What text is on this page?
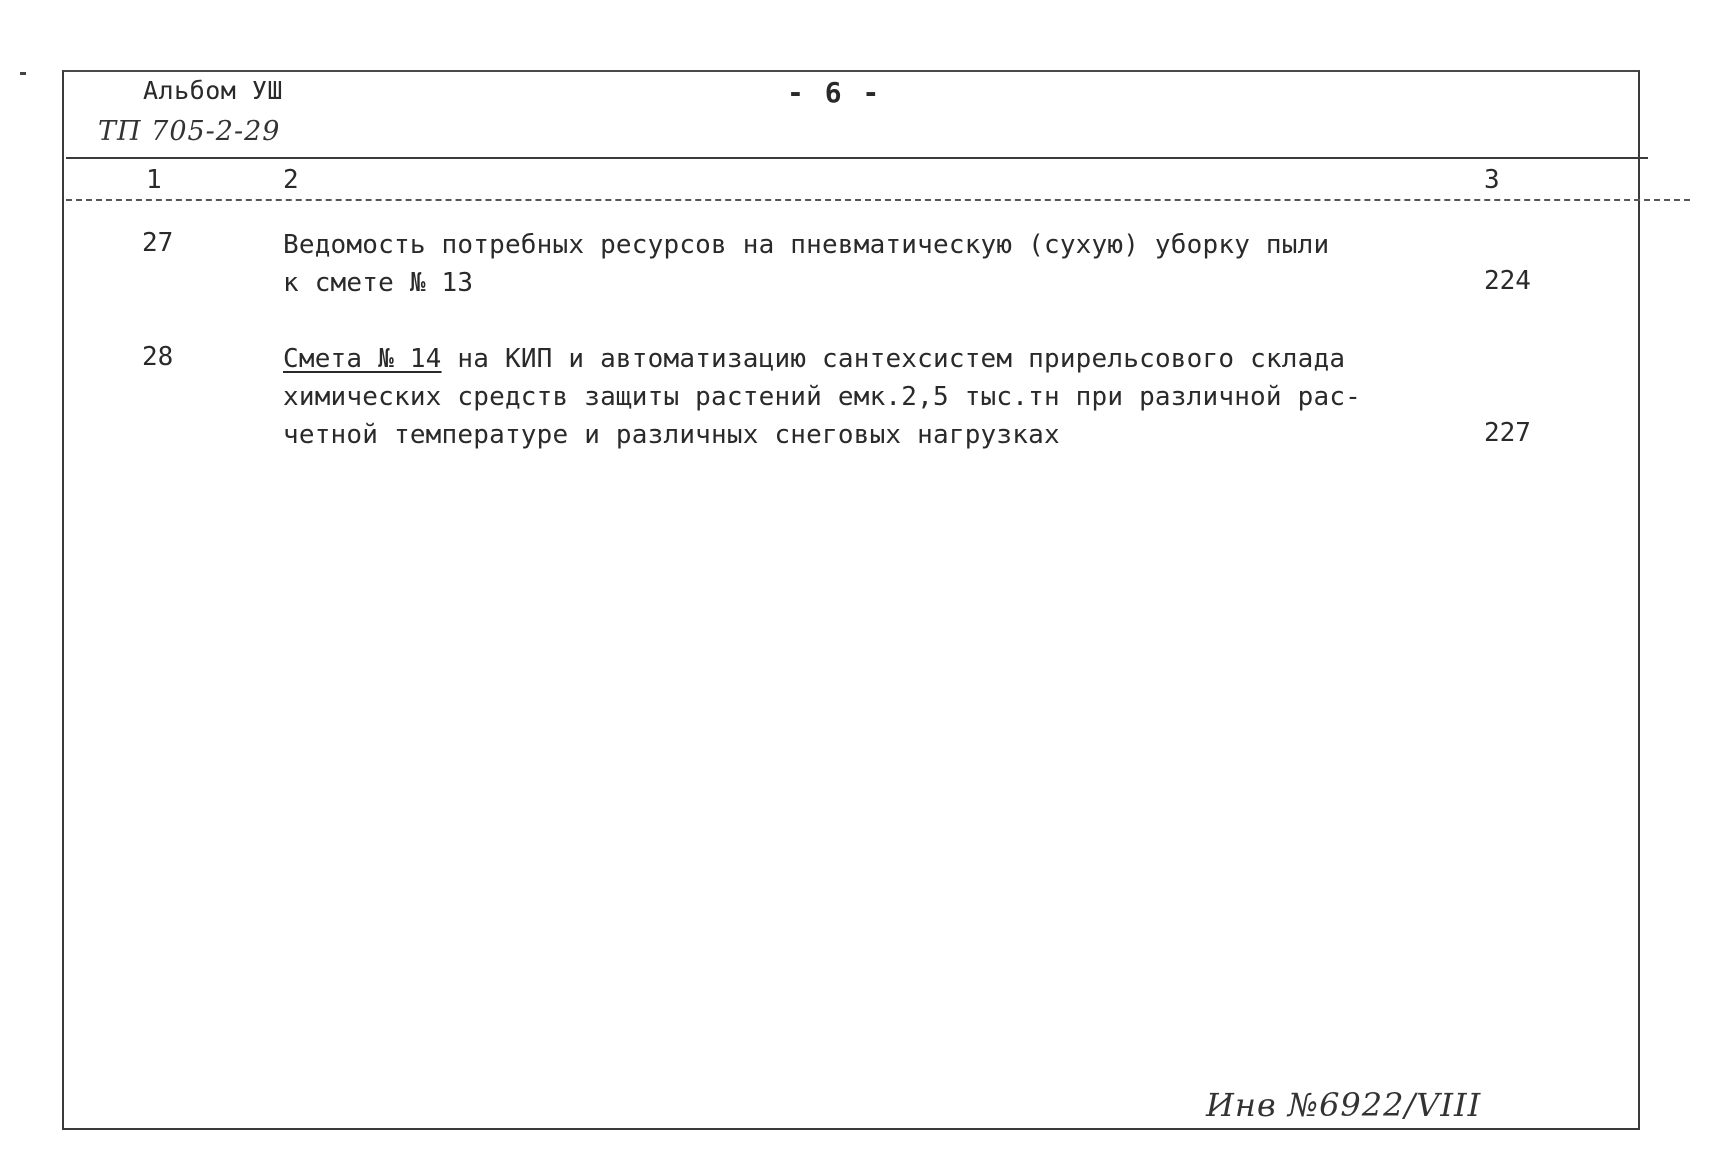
Альбом УШ	- 6 -
ТП 705-2-29
1	2	3
27	Ведомость потребных ресурсов на пневматическую (сухую) уборку пыли
к смете № 13	224
28	Смета № 14 на КИП и автоматизацию сантехсистем прирельсового склада
химических средств защиты растений емк.2,5 тыс.тн при различной рас-
четной температуре и различных снеговых нагрузках	227
Инв №6922/VIII
